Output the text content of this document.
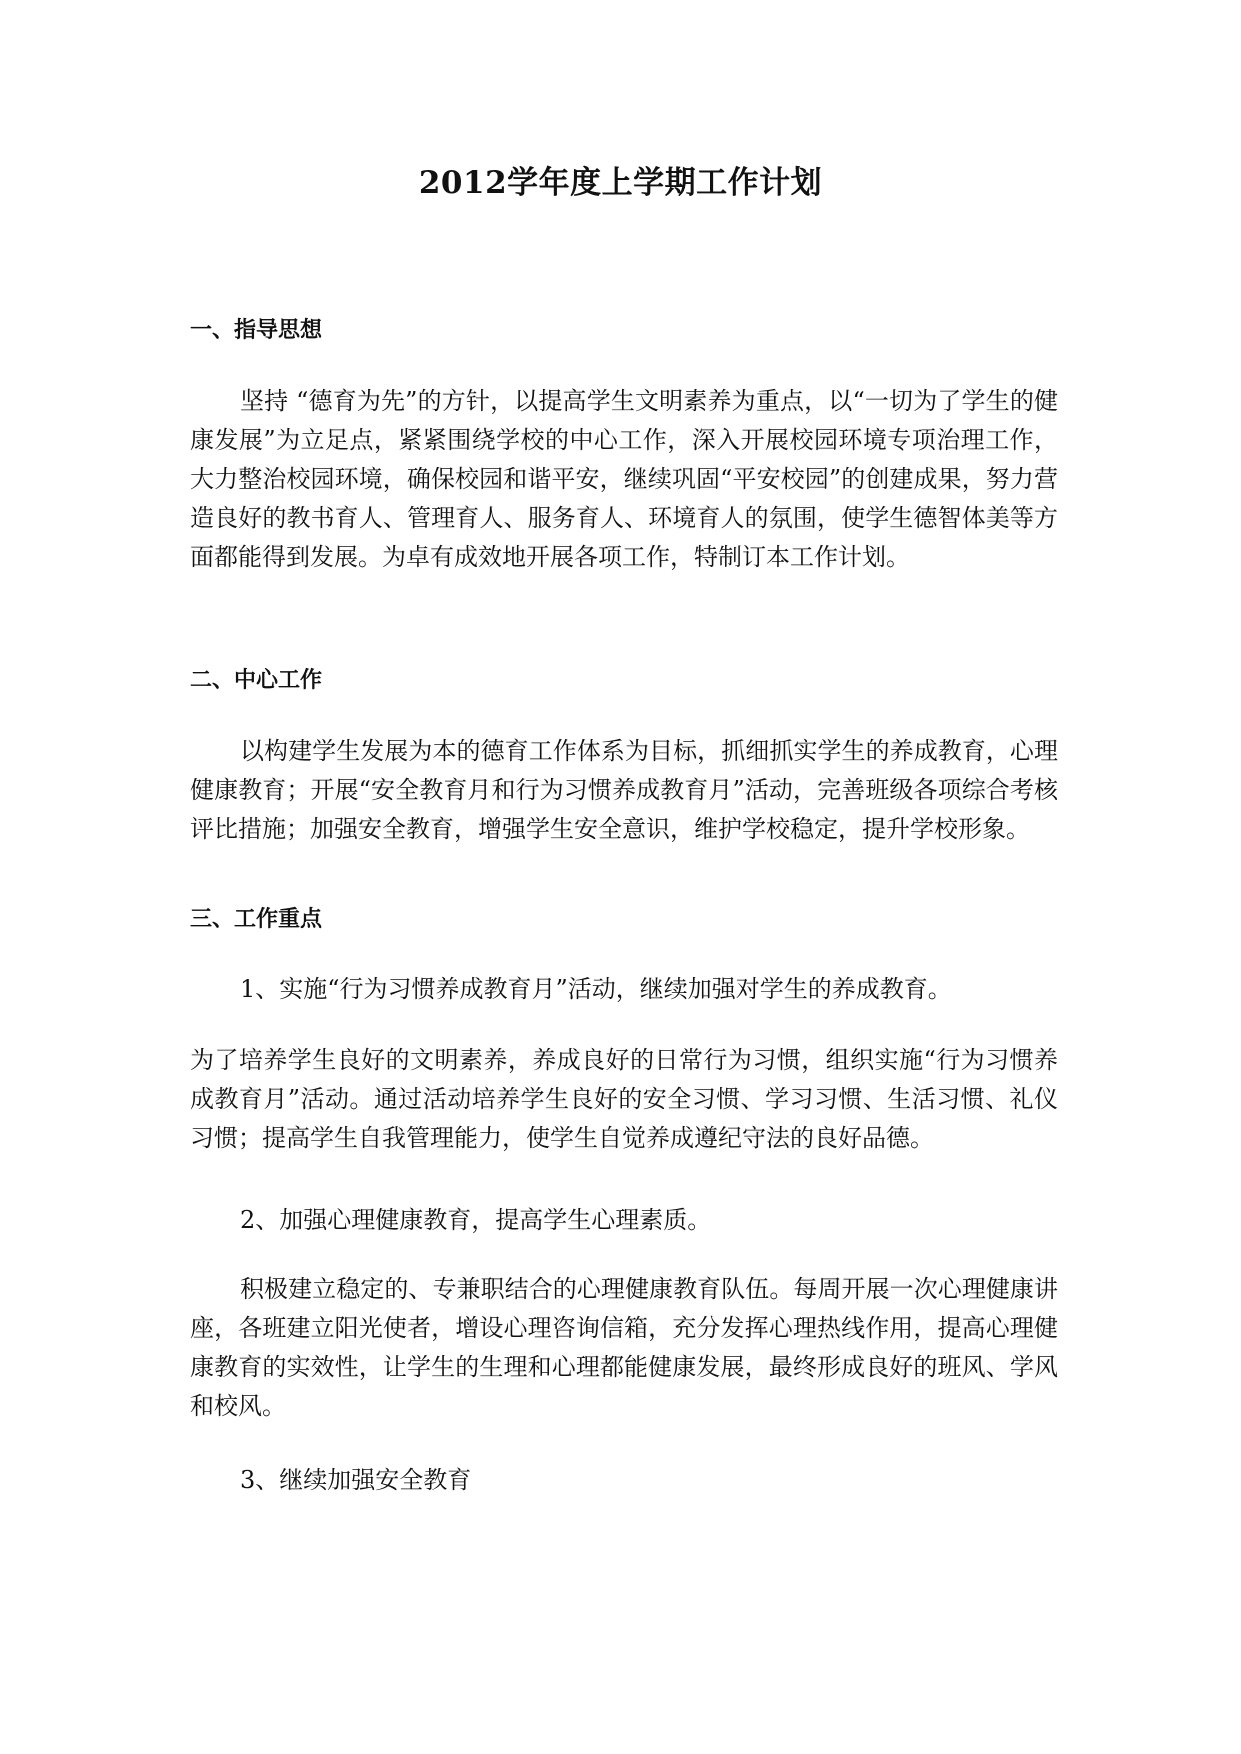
2012学年度上学期工作计划
一、指导思想

坚持 “德育为先”的方针，以提高学生文明素养为重点，以“一切为了学生的健康发展”为立足点，紧紧围绕学校的中心工作，深入开展校园环境专项治理工作，大力整治校园环境，确保校园和谐平安，继续巩固“平安校园”的创建成果，努力营造良好的教书育人、管理育人、服务育人、环境育人的氛围，使学生德智体美等方面都能得到发展。为卓有成效地开展各项工作，特制订本工作计划。

二、中心工作

以构建学生发展为本的德育工作体系为目标，抓细抓实学生的养成教育，心理健康教育；开展“安全教育月和行为习惯养成教育月”活动，完善班级各项综合考核评比措施；加强安全教育，增强学生安全意识，维护学校稳定，提升学校形象。

三、工作重点

1、实施“行为习惯养成教育月”活动，继续加强对学生的养成教育。

为了培养学生良好的文明素养，养成良好的日常行为习惯，组织实施“行为习惯养成教育月”活动。通过活动培养学生良好的安全习惯、学习习惯、生活习惯、礼仪习惯；提高学生自我管理能力，使学生自觉养成遵纪守法的良好品德。

2、加强心理健康教育，提高学生心理素质。

积极建立稳定的、专兼职结合的心理健康教育队伍。每周开展一次心理健康讲座，各班建立阳光使者，增设心理咨询信箱，充分发挥心理热线作用，提高心理健康教育的实效性，让学生的生理和心理都能健康发展，最终形成良好的班风、学风和校风。

3、继续加强安全教育
